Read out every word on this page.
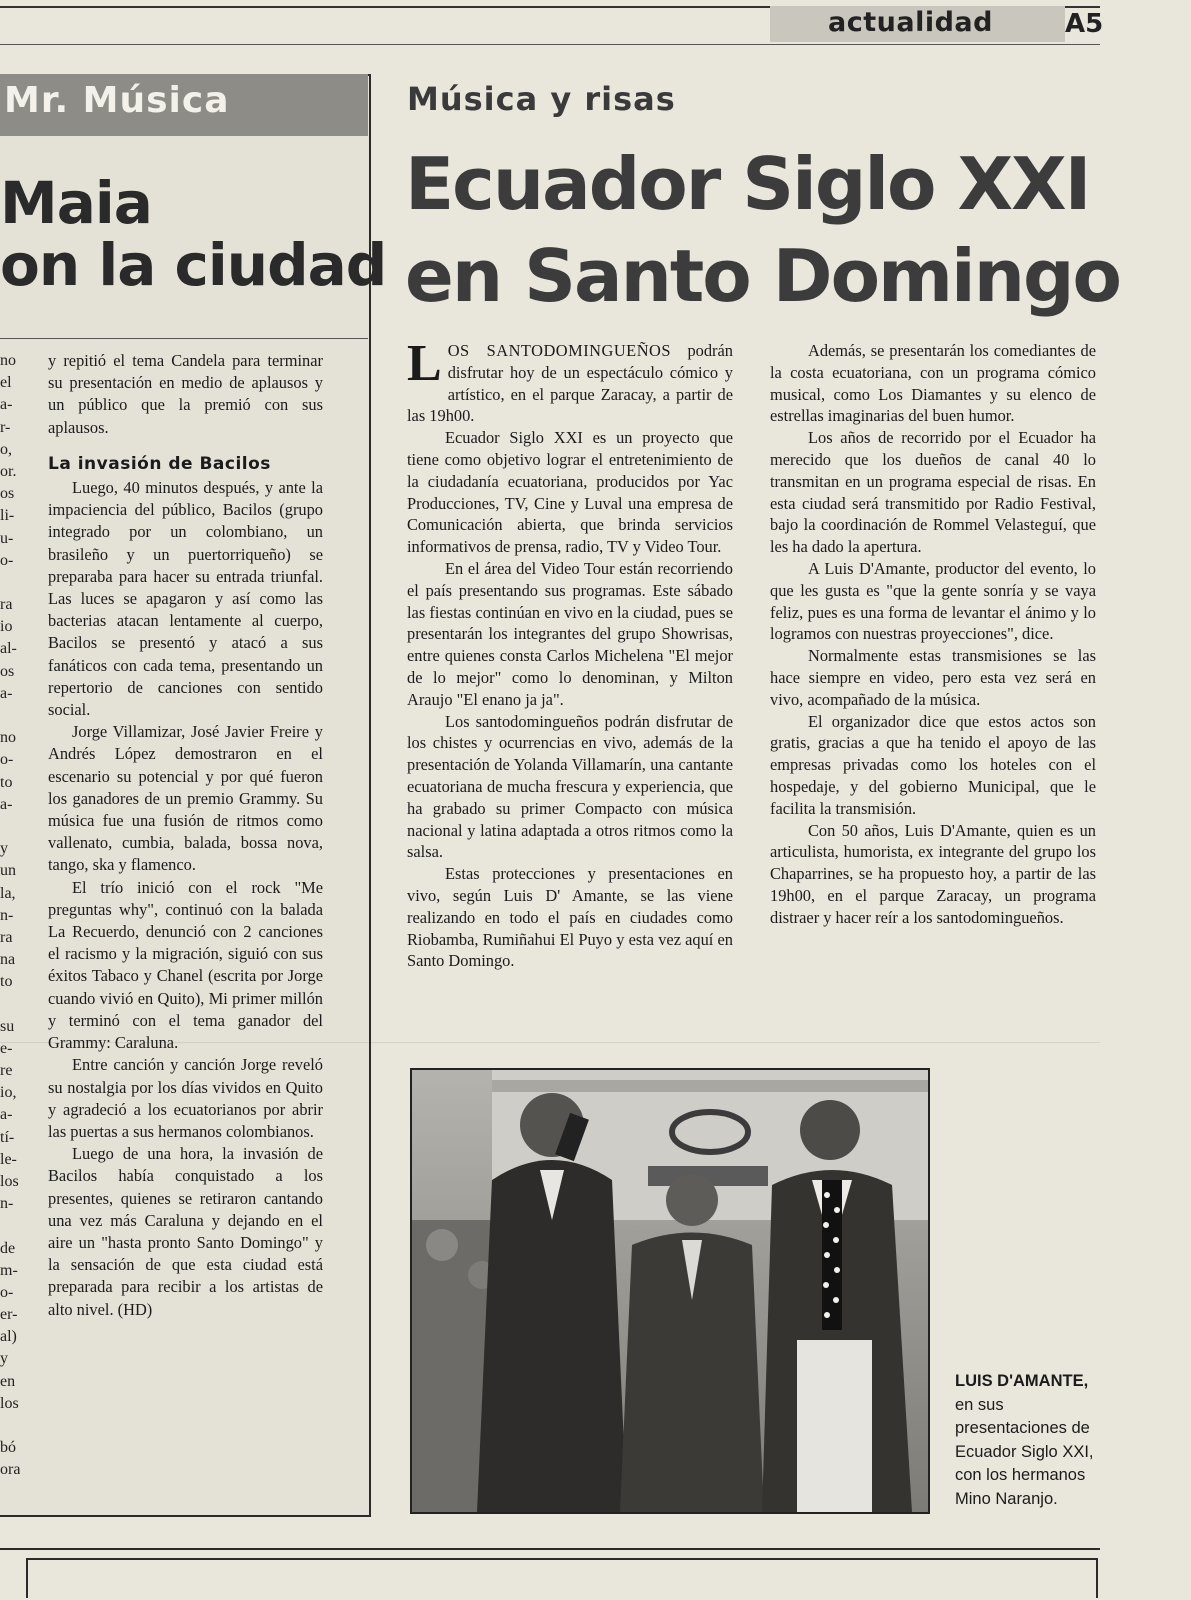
actualidad	A5
Mr. Música
Maia
on la ciudad
no
el
a-
r-
o,
or.
os
li-
u-
o-
ra
io
al-
os
a-
no
o-
to
a-
y
un
la,
n-
ra
na
to
su
e-
re
io,
a-
tí-
le-
los
n-
de
m-
o-
er-
al)
y
en
los
bó
ora

y repitió el tema Candela para terminar su presentación en medio de aplausos y un público que la premió con sus aplausos.

La invasión de Bacilos

Luego, 40 minutos después, y ante la impaciencia del público, Bacilos (grupo integrado por un colombiano, un brasileño y un puertorriqueño) se preparaba para hacer su entrada triunfal. Las luces se apagaron y así como las bacterias atacan lentamente al cuerpo, Bacilos se presentó y atacó a sus fanáticos con cada tema, presentando un repertorio de canciones con sentido social.

Jorge Villamizar, José Javier Freire y Andrés López demostraron en el escenario su potencial y por qué fueron los ganadores de un premio Grammy. Su música fue una fusión de ritmos como vallenato, cumbia, balada, bossa nova, tango, ska y flamenco.

El trío inició con el rock "Me preguntas why", continuó con la balada La Recuerdo, denunció con 2 canciones el racismo y la migración, siguió con sus éxitos Tabaco y Chanel (escrita por Jorge cuando vivió en Quito), Mi primer millón y terminó con el tema ganador del Grammy: Caraluna.

Entre canción y canción Jorge reveló su nostalgia por los días vividos en Quito y agradeció a los ecuatorianos por abrir las puertas a sus hermanos colombianos.

Luego de una hora, la invasión de Bacilos había conquistado a los presentes, quienes se retiraron cantando una vez más Caraluna y dejando en el aire un "hasta pronto Santo Domingo" y la sensación de que esta ciudad está preparada para recibir a los artistas de alto nivel. (HD)

Música y risas
Ecuador Siglo XXI
en Santo Domingo

LOS SANTODOMINGUEÑOS podrán disfrutar hoy de un espectáculo cómico y artístico, en el parque Zaracay, a partir de las 19h00.

Ecuador Siglo XXI es un proyecto que tiene como objetivo lograr el entretenimiento de la ciudadanía ecuatoriana, producidos por Yac Producciones, TV, Cine y Luval una empresa de Comunicación abierta, que brinda servicios informativos de prensa, radio, TV y Video Tour.

En el área del Video Tour están recorriendo el país presentando sus programas. Este sábado las fiestas continúan en vivo en la ciudad, pues se presentarán los integrantes del grupo Showrisas, entre quienes consta Carlos Michelena "El mejor de lo mejor" como lo denominan, y Milton Araujo "El enano ja ja".

Los santodomingueños podrán disfrutar de los chistes y ocurrencias en vivo, además de la presentación de Yolanda Villamarín, una cantante ecuatoriana de mucha frescura y experiencia, que ha grabado su primer Compacto con música nacional y latina adaptada a otros ritmos como la salsa.

Estas protecciones y presentaciones en vivo, según Luis D' Amante, se las viene realizando en todo el país en ciudades como Riobamba, Rumiñahui El Puyo y esta vez aquí en Santo Domingo.

Además, se presentarán los comediantes de la costa ecuatoriana, con un programa cómico musical, como Los Diamantes y su elenco de estrellas imaginarias del buen humor.

Los años de recorrido por el Ecuador ha merecido que los dueños de canal 40 lo transmitan en un programa especial de risas. En esta ciudad será transmitido por Radio Festival, bajo la coordinación de Rommel Velasteguí, que les ha dado la apertura.

A Luis D'Amante, productor del evento, lo que les gusta es "que la gente sonría y se vaya feliz, pues es una forma de levantar el ánimo y lo logramos con nuestras proyecciones", dice.

Normalmente estas transmisiones se las hace siempre en video, pero esta vez será en vivo, acompañado de la música.

El organizador dice que estos actos son gratis, gracias a que ha tenido el apoyo de las empresas privadas como los hoteles con el hospedaje, y del gobierno Municipal, que le facilita la transmisión.

Con 50 años, Luis D'Amante, quien es un articulista, humorista, ex integrante del grupo los Chaparrines, se ha propuesto hoy, a partir de las 19h00, en el parque Zaracay, un programa distraer y hacer reír a los santodomingueños.

LUIS D'AMANTE, en sus presentaciones de Ecuador Siglo XXI, con los hermanos Mino Naranjo.
